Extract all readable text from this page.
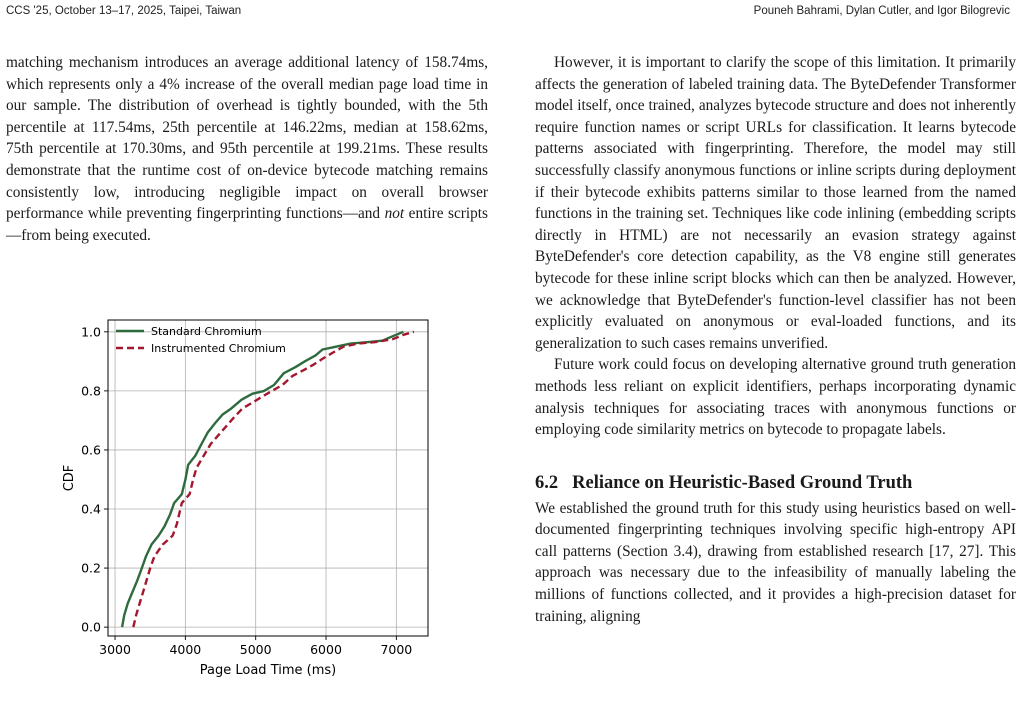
CCS '25, October 13–17, 2025, Taipei, Taiwan	Pouneh Bahrami, Dylan Cutler, and Igor Bilogrevic

matching mechanism introduces an average additional latency of 158.74ms, which represents only a 4% increase of the overall median page load time in our sample. The distribution of overhead is tightly bounded, with the 5th percentile at 117.54ms, 25th percentile at 146.22ms, median at 158.62ms, 75th percentile at 170.30ms, and 95th percentile at 199.21ms. These results demonstrate that the runtime cost of on-device bytecode matching remains consistently low, introducing negligible impact on overall browser performance while preventing fingerprinting functions—and not entire scripts—from being executed.

3000	4000	5000	6000	7000
0.0
0.2
0.4
0.6
0.8
1.0	Standard Chromium
Instrumented Chromium
Page Load Time (ms)
CDF

However, it is important to clarify the scope of this limitation. It primarily affects the generation of labeled training data. The ByteDefender Transformer model itself, once trained, analyzes bytecode structure and does not inherently require function names or script URLs for classification. It learns bytecode patterns associated with fingerprinting. Therefore, the model may still successfully classify anonymous functions or inline scripts during deployment if their bytecode exhibits patterns similar to those learned from the named functions in the training set. Techniques like code inlining (embedding scripts directly in HTML) are not necessarily an evasion strategy against ByteDefender's core detection capability, as the V8 engine still generates bytecode for these inline script blocks which can then be analyzed. However, we acknowledge that ByteDefender's function-level classifier has not been explicitly evaluated on anonymous or eval-loaded functions, and its generalization to such cases remains unverified.

Future work could focus on developing alternative ground truth generation methods less reliant on explicit identifiers, perhaps incorporating dynamic analysis techniques for associating traces with anonymous functions or employing code similarity metrics on bytecode to propagate labels.

6.2 Reliance on Heuristic-Based Ground Truth

We established the ground truth for this study using heuristics based on well-documented fingerprinting techniques involving specific high-entropy API call patterns (Section 3.4), drawing from established research [17, 27]. This approach was necessary due to the infeasibility of manually labeling the millions of functions collected, and it provides a high-precision dataset for training, aligning
